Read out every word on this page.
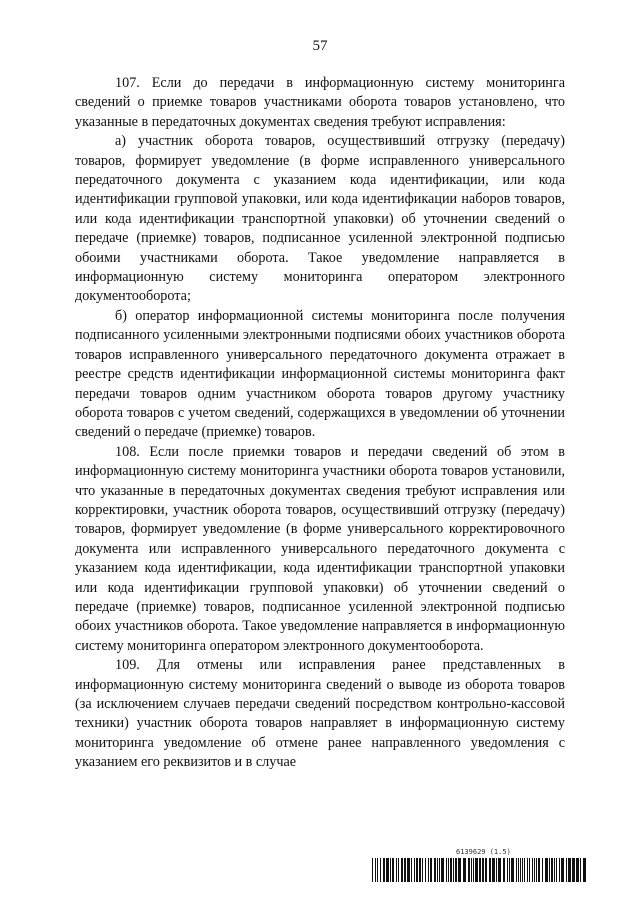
57

107. Если до передачи в информационную систему мониторинга сведений о приемке товаров участниками оборота товаров установлено, что указанные в передаточных документах сведения требуют исправления:

а) участник оборота товаров, осуществивший отгрузку (передачу) товаров, формирует уведомление (в форме исправленного универсального передаточного документа с указанием кода идентификации, или кода идентификации групповой упаковки, или кода идентификации наборов товаров, или кода идентификации транспортной упаковки) об уточнении сведений о передаче (приемке) товаров, подписанное усиленной электронной подписью обоими участниками оборота. Такое уведомление направляется в информационную систему мониторинга оператором электронного документооборота;

б) оператор информационной системы мониторинга после получения подписанного усиленными электронными подписями обоих участников оборота товаров исправленного универсального передаточного документа отражает в реестре средств идентификации информационной системы мониторинга факт передачи товаров одним участником оборота товаров другому участнику оборота товаров с учетом сведений, содержащихся в уведомлении об уточнении сведений о передаче (приемке) товаров.

108. Если после приемки товаров и передачи сведений об этом в информационную систему мониторинга участники оборота товаров установили, что указанные в передаточных документах сведения требуют исправления или корректировки, участник оборота товаров, осуществивший отгрузку (передачу) товаров, формирует уведомление (в форме универсального корректировочного документа или исправленного универсального передаточного документа с указанием кода идентификации, кода идентификации транспортной упаковки или кода идентификации групповой упаковки) об уточнении сведений о передаче (приемке) товаров, подписанное усиленной электронной подписью обоих участников оборота. Такое уведомление направляется в информационную систему мониторинга оператором электронного документооборота.

109. Для отмены или исправления ранее представленных в информационную систему мониторинга сведений о выводе из оборота товаров (за исключением случаев передачи сведений посредством контрольно-кассовой техники) участник оборота товаров направляет в информационную систему мониторинга уведомление об отмене ранее направленного уведомления с указанием его реквизитов и в случае

6139629 (1.5)
